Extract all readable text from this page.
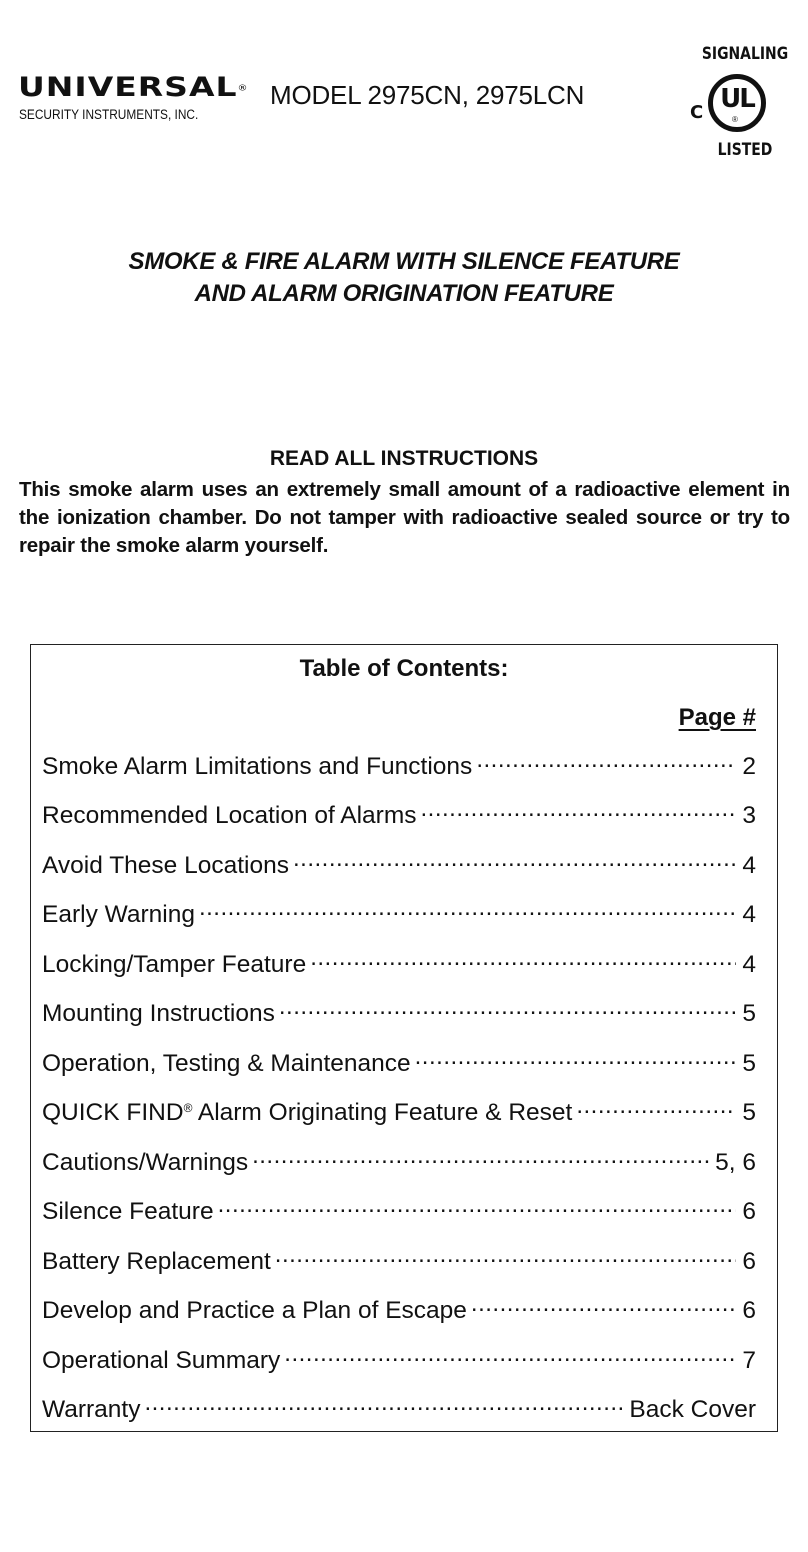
UNIVERSAL®
SECURITY INSTRUMENTS, INC.
MODEL 2975CN, 2975LCN
SIGNALING
C UL
®
LISTED
SMOKE & FIRE ALARM WITH SILENCE FEATURE
AND ALARM ORIGINATION FEATURE
READ ALL INSTRUCTIONS
This smoke alarm uses an extremely small amount of a radioactive element in the ionization chamber. Do not tamper with radioactive sealed source or try to repair the smoke alarm yourself.
Table of Contents:
Page #
Smoke Alarm Limitations and Functions .....	2
Recommended Location of Alarms .....	3
Avoid These Locations .....	4
Early Warning .....	4
Locking/Tamper Feature .....	4
Mounting Instructions .....	5
Operation, Testing & Maintenance .....	5
QUICK FIND® Alarm Originating Feature & Reset .....	5
Cautions/Warnings .....	5, 6
Silence Feature .....	6
Battery Replacement .....	6
Develop and Practice a Plan of Escape .....	6
Operational Summary .....	7
Warranty .....	Back Cover
